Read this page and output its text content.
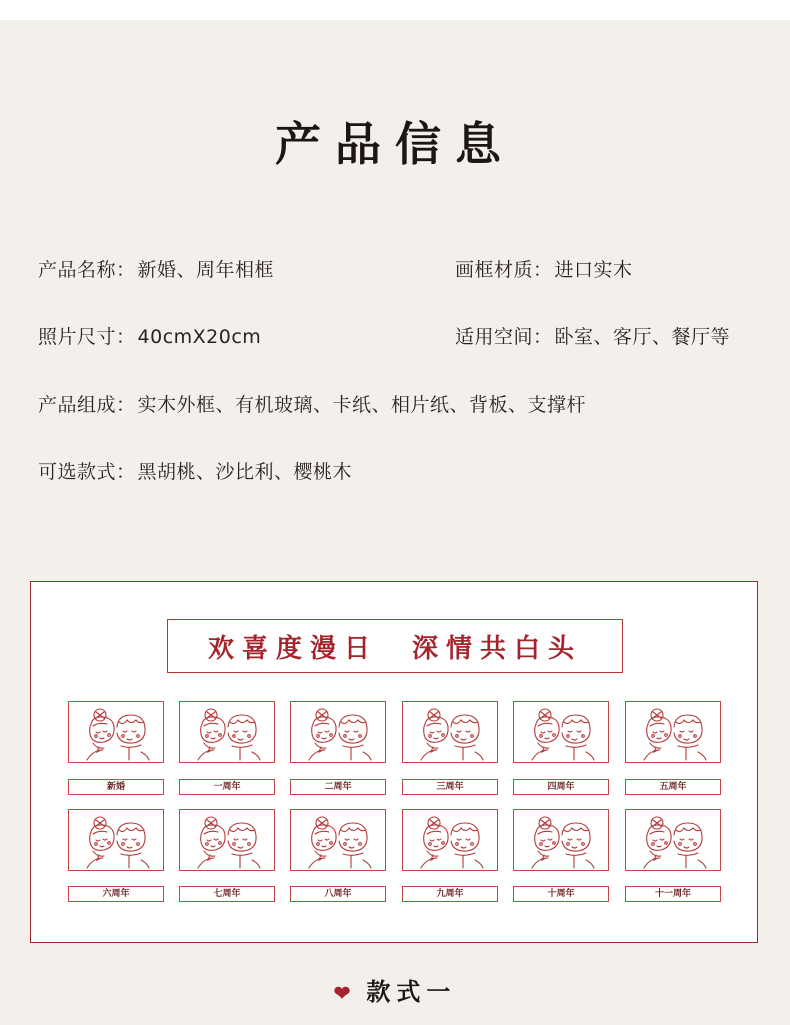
产品信息
产品名称： 新婚、周年相框	画框材质： 进口实木
照片尺寸： 40cmX20cm	适用空间： 卧室、客厅、餐厅等
产品组成： 实木外框、有机玻璃、卡纸、相片纸、背板、支撑杆
可选款式： 黑胡桃、沙比利、樱桃木
欢喜度漫日  深情共白头
新婚	一周年	二周年	三周年	四周年	五周年
六周年	七周年	八周年	九周年	十周年	十一周年
❤ 款式一
